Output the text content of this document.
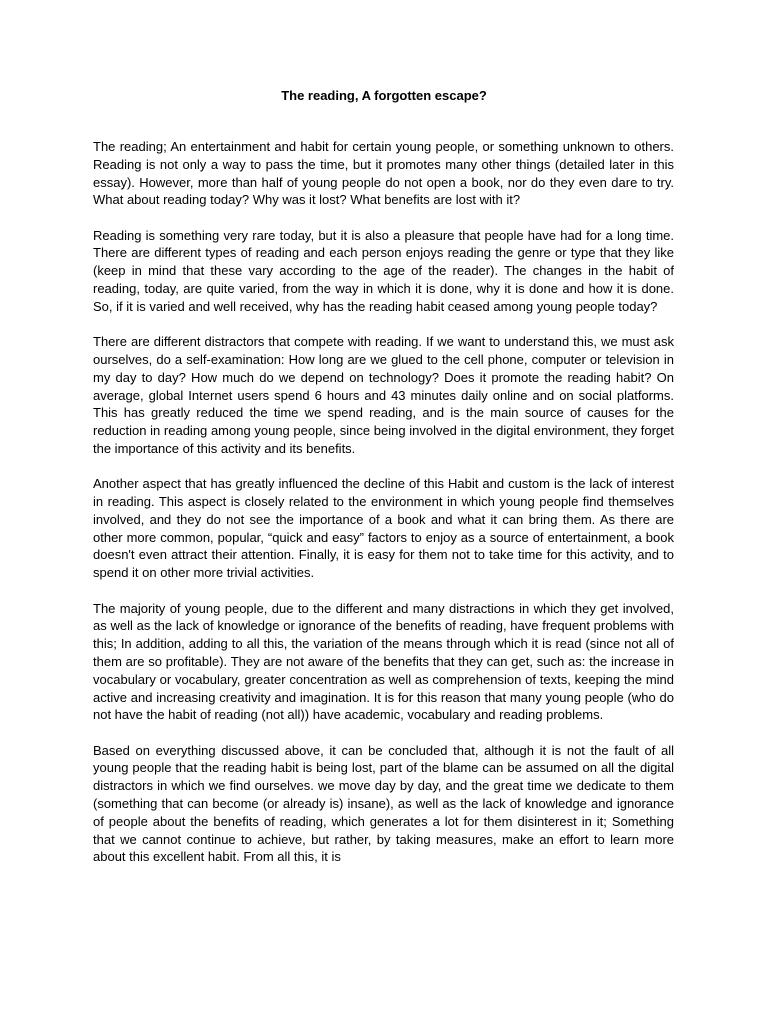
The reading, A forgotten escape?

The reading; An entertainment and habit for certain young people, or something unknown to others. Reading is not only a way to pass the time, but it promotes many other things (detailed later in this essay). However, more than half of young people do not open a book, nor do they even dare to try. What about reading today? Why was it lost? What benefits are lost with it?

Reading is something very rare today, but it is also a pleasure that people have had for a long time. There are different types of reading and each person enjoys reading the genre or type that they like (keep in mind that these vary according to the age of the reader). The changes in the habit of reading, today, are quite varied, from the way in which it is done, why it is done and how it is done. So, if it is varied and well received, why has the reading habit ceased among young people today?

There are different distractors that compete with reading. If we want to understand this, we must ask ourselves, do a self-examination: How long are we glued to the cell phone, computer or television in my day to day? How much do we depend on technology? Does it promote the reading habit? On average, global Internet users spend 6 hours and 43 minutes daily online and on social platforms. This has greatly reduced the time we spend reading, and is the main source of causes for the reduction in reading among young people, since being involved in the digital environment, they forget the importance of this activity and its benefits.

Another aspect that has greatly influenced the decline of this Habit and custom is the lack of interest in reading. This aspect is closely related to the environment in which young people find themselves involved, and they do not see the importance of a book and what it can bring them. As there are other more common, popular, “quick and easy” factors to enjoy as a source of entertainment, a book doesn't even attract their attention. Finally, it is easy for them not to take time for this activity, and to spend it on other more trivial activities.

The majority of young people, due to the different and many distractions in which they get involved, as well as the lack of knowledge or ignorance of the benefits of reading, have frequent problems with this; In addition, adding to all this, the variation of the means through which it is read (since not all of them are so profitable). They are not aware of the benefits that they can get, such as: the increase in vocabulary or vocabulary, greater concentration as well as comprehension of texts, keeping the mind active and increasing creativity and imagination. It is for this reason that many young people (who do not have the habit of reading (not all)) have academic, vocabulary and reading problems.

Based on everything discussed above, it can be concluded that, although it is not the fault of all young people that the reading habit is being lost, part of the blame can be assumed on all the digital distractors in which we find ourselves. we move day by day, and the great time we dedicate to them (something that can become (or already is) insane), as well as the lack of knowledge and ignorance of people about the benefits of reading, which generates a lot for them disinterest in it; Something that we cannot continue to achieve, but rather, by taking measures, make an effort to learn more about this excellent habit. From all this, it is
